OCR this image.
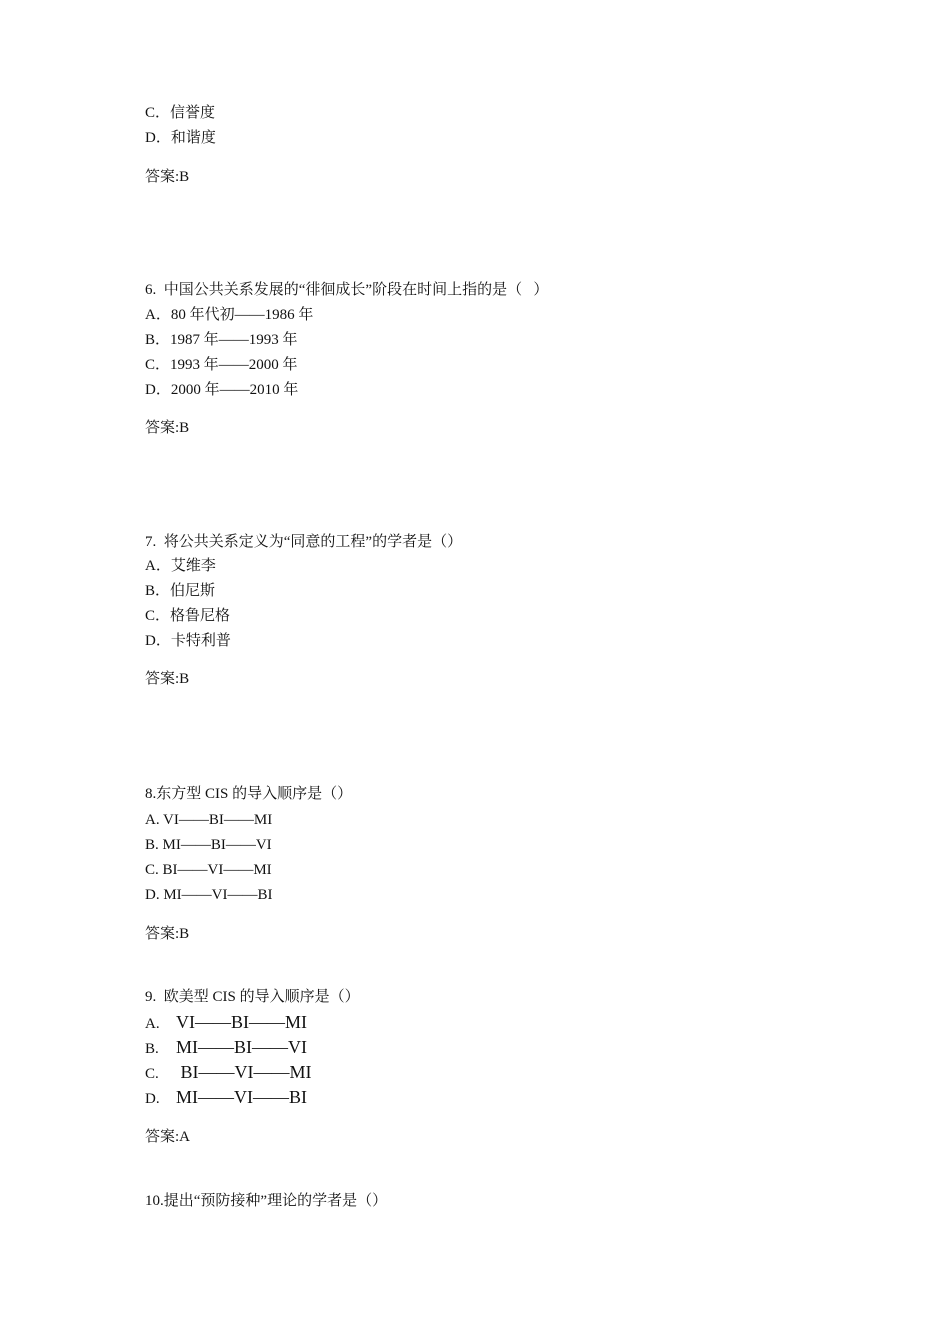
C．信誉度
D．和谐度
答案:B
6.  中国公共关系发展的“徘徊成长”阶段在时间上指的是（   ）
A．80 年代初——1986 年
B．1987 年——1993 年
C．1993 年——2000 年
D．2000 年——2010 年
答案:B
7.  将公共关系定义为“同意的工程”的学者是（）
A．艾维李
B．伯尼斯
C．格鲁尼格
D．卡特利普
答案:B
8.东方型 CIS 的导入顺序是（）
A. VI——BI——MI
B. MI——BI——VI
C. BI——VI——MI
D. MI——VI——BI
答案:B
9.  欧美型 CIS 的导入顺序是（）
A. VI——BI——MI
B. MI——BI——VI
C. BI——VI——MI
D. MI——VI——BI
答案:A
10.提出“预防接种”理论的学者是（）
